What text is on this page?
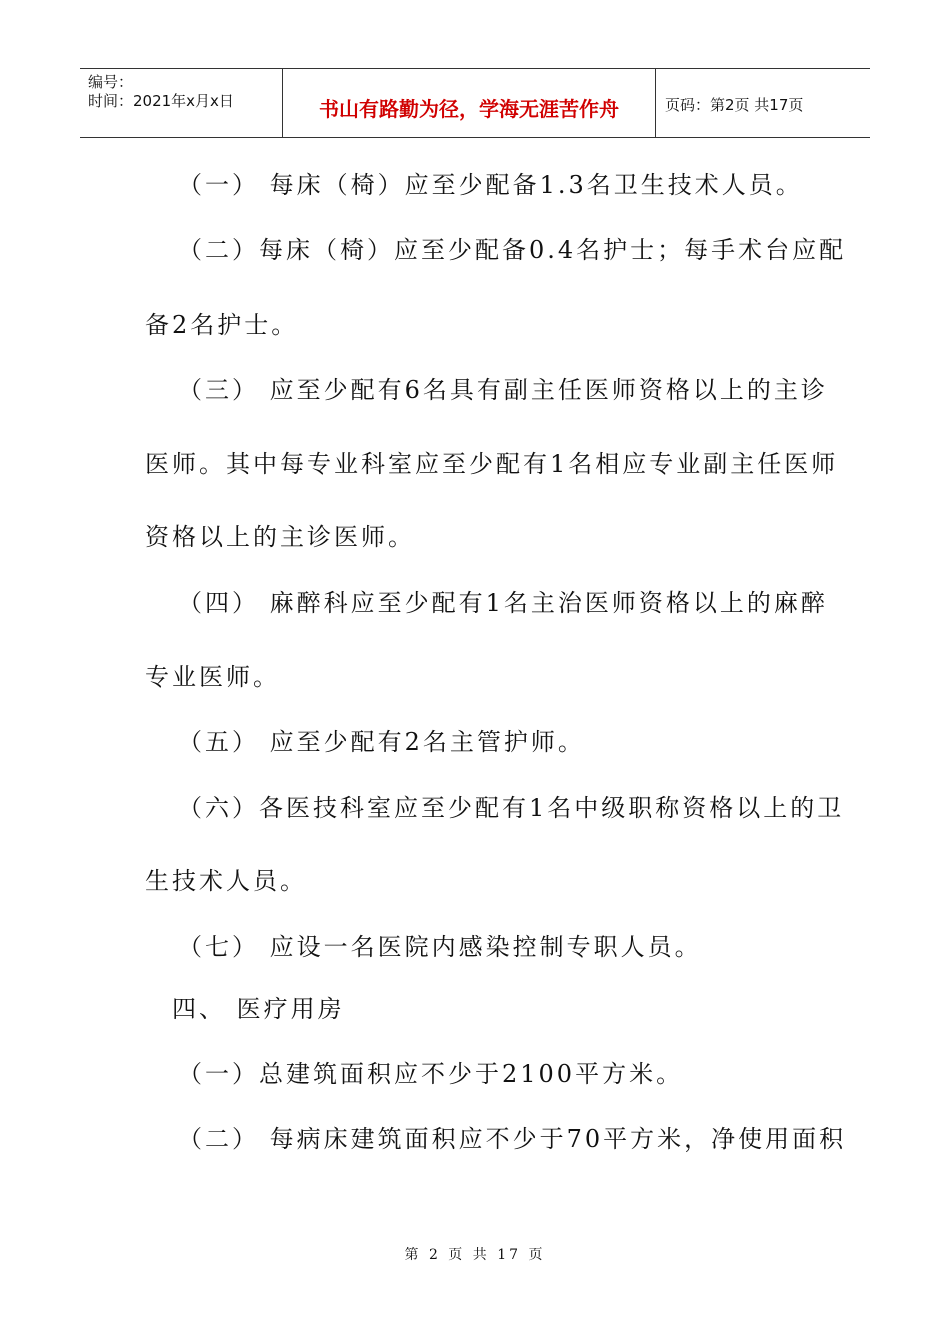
编号：
时间：2021年x月x日	书山有路勤为径，学海无涯苦作舟	页码：第2页 共17页
（一） 每床（椅）应至少配备1.3名卫生技术人员。
（二）每床（椅）应至少配备0.4名护士；每手术台应配
备2名护士。
（三） 应至少配有6名具有副主任医师资格以上的主诊
医师。其中每专业科室应至少配有1名相应专业副主任医师
资格以上的主诊医师。
（四） 麻醉科应至少配有1名主治医师资格以上的麻醉
专业医师。
（五） 应至少配有2名主管护师。
（六）各医技科室应至少配有1名中级职称资格以上的卫
生技术人员。
（七） 应设一名医院内感染控制专职人员。
四、 医疗用房
（一）总建筑面积应不少于2100平方米。
（二） 每病床建筑面积应不少于70平方米，净使用面积
第 2 页 共 17 页
